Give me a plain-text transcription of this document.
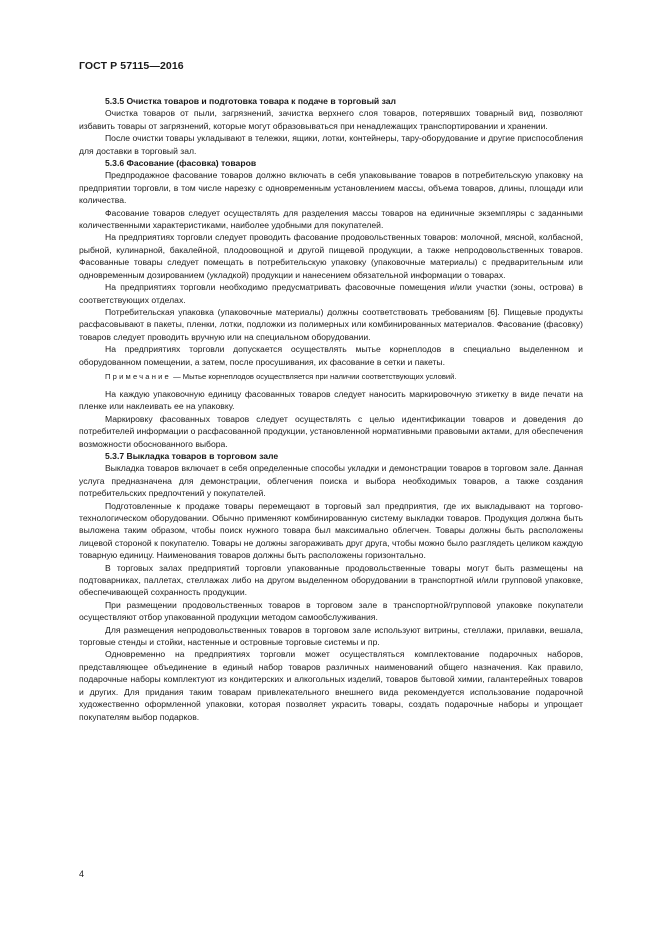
ГОСТ Р 57115—2016
5.3.5 Очистка товаров и подготовка товара к подаче в торговый зал
Очистка товаров от пыли, загрязнений, зачистка верхнего слоя товаров, потерявших товарный вид, позволяют избавить товары от загрязнений, которые могут образовываться при ненадлежащих транспортировании и хранении.
После очистки товары укладывают в тележки, ящики, лотки, контейнеры, тару-оборудование и другие приспособления для доставки в торговый зал.
5.3.6 Фасование (фасовка) товаров
Предпродажное фасование товаров должно включать в себя упаковывание товаров в потребительскую упаковку на предприятии торговли, в том числе нарезку с одновременным установлением массы, объема товаров, длины, площади или количества.
Фасование товаров следует осуществлять для разделения массы товаров на единичные экземпляры с заданными количественными характеристиками, наиболее удобными для покупателей.
На предприятиях торговли следует проводить фасование продовольственных товаров: молочной, мясной, колбасной, рыбной, кулинарной, бакалейной, плодоовощной и другой пищевой продукции, а также непродовольственных товаров. Фасованные товары следует помещать в потребительскую упаковку (упаковочные материалы) с предварительным или одновременным дозированием (укладкой) продукции и нанесением обязательной информации о товарах.
На предприятиях торговли необходимо предусматривать фасовочные помещения и/или участки (зоны, острова) в соответствующих отделах.
Потребительская упаковка (упаковочные материалы) должны соответствовать требованиям [6]. Пищевые продукты расфасовывают в пакеты, пленки, лотки, подложки из полимерных или комбинированных материалов. Фасование (фасовку) товаров следует проводить вручную или на специальном оборудовании.
На предприятиях торговли допускается осуществлять мытье корнеплодов в специально выделенном и оборудованном помещении, а затем, после просушивания, их фасование в сетки и пакеты.
Примечание — Мытье корнеплодов осуществляется при наличии соответствующих условий.
На каждую упаковочную единицу фасованных товаров следует наносить маркировочную этикетку в виде печати на пленке или наклеивать ее на упаковку.
Маркировку фасованных товаров следует осуществлять с целью идентификации товаров и доведения до потребителей информации о расфасованной продукции, установленной нормативными правовыми актами, для обеспечения возможности обоснованного выбора.
5.3.7 Выкладка товаров в торговом зале
Выкладка товаров включает в себя определенные способы укладки и демонстрации товаров в торговом зале. Данная услуга предназначена для демонстрации, облегчения поиска и выбора необходимых товаров, а также создания потребительских предпочтений у покупателей.
Подготовленные к продаже товары перемещают в торговый зал предприятия, где их выкладывают на торгово-технологическом оборудовании. Обычно применяют комбинированную систему выкладки товаров. Продукция должна быть выложена таким образом, чтобы поиск нужного товара был максимально облегчен. Товары должны быть расположены лицевой стороной к покупателю. Товары не должны загораживать друг друга, чтобы можно было разглядеть целиком каждую товарную единицу. Наименования товаров должны быть расположены горизонтально.
В торговых залах предприятий торговли упакованные продовольственные товары могут быть размещены на подтоварниках, паллетах, стеллажах либо на другом выделенном оборудовании в транспортной и/или групповой упаковке, обеспечивающей сохранность продукции.
При размещении продовольственных товаров в торговом зале в транспортной/групповой упаковке покупатели осуществляют отбор упакованной продукции методом самообслуживания.
Для размещения непродовольственных товаров в торговом зале используют витрины, стеллажи, прилавки, вешала, торговые стенды и стойки, настенные и островные торговые системы и пр.
Одновременно на предприятиях торговли может осуществляться комплектование подарочных наборов, представляющее объединение в единый набор товаров различных наименований общего назначения. Как правило, подарочные наборы комплектуют из кондитерских и алкогольных изделий, товаров бытовой химии, галантерейных товаров и других. Для придания таким товарам привлекательного внешнего вида рекомендуется использование подарочной художественно оформленной упаковки, которая позволяет украсить товары, создать подарочные наборы и упрощает покупателям выбор подарков.
4
